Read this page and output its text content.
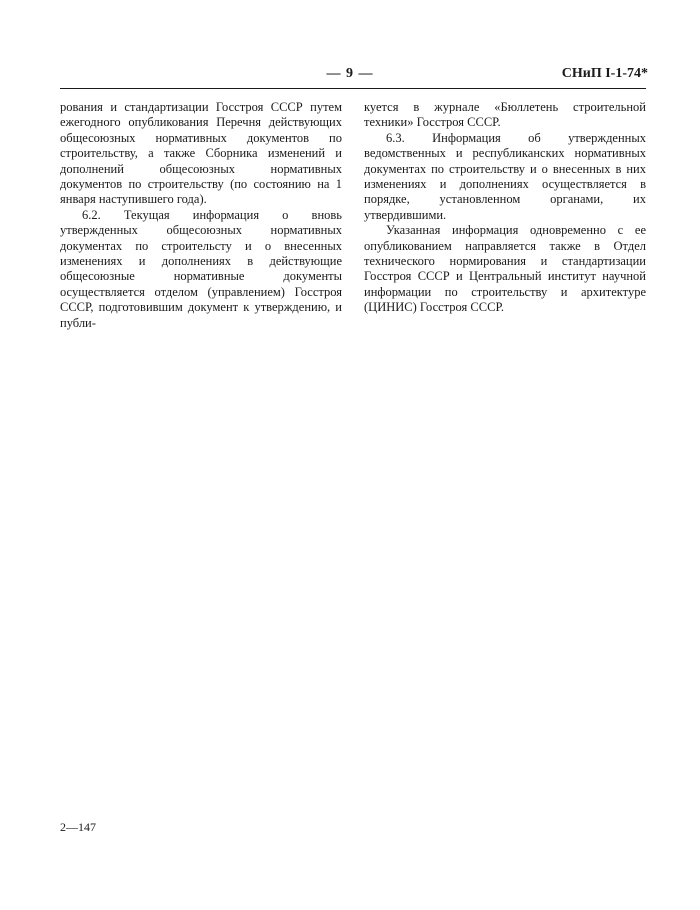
— 9 —	СНиП I-1-74*

рования и стандартизации Госстроя СССР путем ежегодного опубликования Перечня действующих общесоюзных нормативных документов по строительству, а также Сборника изменений и дополнений общесоюзных нормативных документов по строительству (по состоянию на 1 января наступившего года).

6.2. Текущая информация о вновь утвержденных общесоюзных нормативных документах по строительсту и о внесенных изменениях и дополнениях в действующие общесоюзные нормативные документы осуществляется отделом (управлением) Госстроя СССР, подготовившим документ к утверждению, и публи-

куется в журнале «Бюллетень строительной техники» Госстроя СССР.

6.3. Информация об утвержденных ведомственных и республиканских нормативных документах по строительству и о внесенных в них изменениях и дополнениях осуществляется в порядке, установленном органами, их утвердившими.

Указанная информация одновременно с ее опубликованием направляется также в Отдел технического нормирования и стандартизации Госстроя СССР и Центральный институт научной информации по строительству и архитектуре (ЦИНИС) Госстроя СССР.

2—147
